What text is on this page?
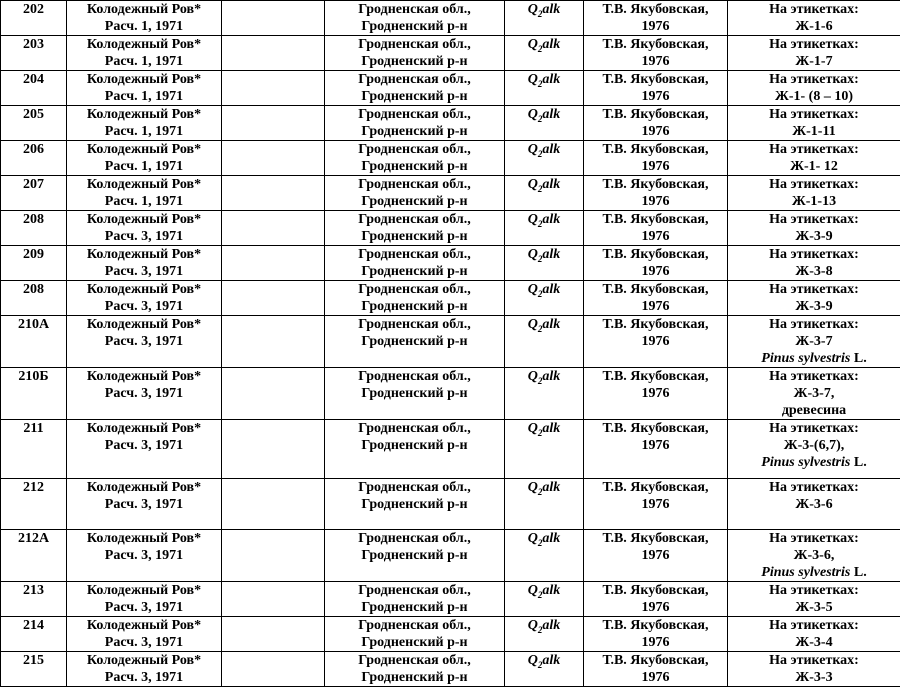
202	Колодежный Ров*
Расч. 1, 1971		Гродненская обл.,
Гродненский р-н	$Q_2alk$	Т.В. Якубовская,
1976	На этикетках:
Ж-1-6

203	Колодежный Ров*
Расч. 1, 1971		Гродненская обл.,
Гродненский р-н	$Q_2alk$	Т.В. Якубовская,
1976	На этикетках:
Ж-1-7

204	Колодежный Ров*
Расч. 1, 1971		Гродненская обл.,
Гродненский р-н	$Q_2alk$	Т.В. Якубовская,
1976	На этикетках:
Ж-1- (8 – 10)

205	Колодежный Ров*
Расч. 1, 1971		Гродненская обл.,
Гродненский р-н	$Q_2alk$	Т.В. Якубовская,
1976	На этикетках:
Ж-1-11

206	Колодежный Ров*
Расч. 1, 1971		Гродненская обл.,
Гродненский р-н	$Q_2alk$	Т.В. Якубовская,
1976	На этикетках:
Ж-1- 12

207	Колодежный Ров*
Расч. 1, 1971		Гродненская обл.,
Гродненский р-н	$Q_2alk$	Т.В. Якубовская,
1976	На этикетках:
Ж-1-13

208	Колодежный Ров*
Расч. 3, 1971		Гродненская обл.,
Гродненский р-н	$Q_2alk$	Т.В. Якубовская,
1976	На этикетках:
Ж-3-9

209	Колодежный Ров*
Расч. 3, 1971		Гродненская обл.,
Гродненский р-н	$Q_2alk$	Т.В. Якубовская,
1976	На этикетках:
Ж-3-8

208	Колодежный Ров*
Расч. 3, 1971		Гродненская обл.,
Гродненский р-н	$Q_2alk$	Т.В. Якубовская,
1976	На этикетках:
Ж-3-9

210А	Колодежный Ров*
Расч. 3, 1971		Гродненская обл.,
Гродненский р-н	$Q_2alk$	Т.В. Якубовская,
1976	На этикетках:
Ж-3-7
Pinus sylvestris L.

210Б	Колодежный Ров*
Расч. 3, 1971		Гродненская обл.,
Гродненский р-н	$Q_2alk$	Т.В. Якубовская,
1976	На этикетках:
Ж-3-7,
древесина

211	Колодежный Ров*
Расч. 3, 1971		Гродненская обл.,
Гродненский р-н	$Q_2alk$	Т.В. Якубовская,
1976	На этикетках:
Ж-3-(6,7),
Pinus sylvestris L.

212	Колодежный Ров*
Расч. 3, 1971		Гродненская обл.,
Гродненский р-н	$Q_2alk$	Т.В. Якубовская,
1976	На этикетках:
Ж-3-6

212А	Колодежный Ров*
Расч. 3, 1971		Гродненская обл.,
Гродненский р-н	$Q_2alk$	Т.В. Якубовская,
1976	На этикетках:
Ж-3-6,
Pinus sylvestris L.

213	Колодежный Ров*
Расч. 3, 1971		Гродненская обл.,
Гродненский р-н	$Q_2alk$	Т.В. Якубовская,
1976	На этикетках:
Ж-3-5

214	Колодежный Ров*
Расч. 3, 1971		Гродненская обл.,
Гродненский р-н	$Q_2alk$	Т.В. Якубовская,
1976	На этикетках:
Ж-3-4

215	Колодежный Ров*
Расч. 3, 1971		Гродненская обл.,
Гродненский р-н	$Q_2alk$	Т.В. Якубовская,
1976	На этикетках:
Ж-3-3
